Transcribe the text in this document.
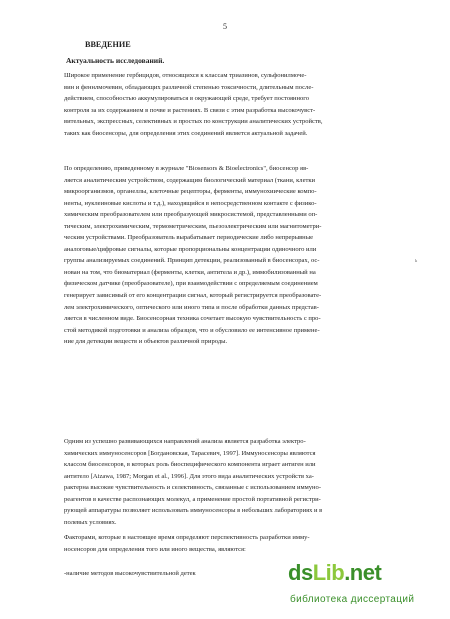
5
ВВЕДЕНИЕ
Актуальность исследований.
Широкое применение гербицидов, относящихся к классам триазинов, сульфонилмоче-
вин и феннлмочевин, обладающих различной степенью токсичности, длительным после-
действием, способностью аккумулироваться в окружающей среде, требует постоянного
контроля за их содержанием в почве и растениях. В связи с этим разработка высокочувст-
вительных, экспрессных, селективных и простых по конструкции аналитических устройств,
таких как биосенсоры, для определения этих соединений является актуальной задачей.
По определению, приведенному в журнале "Biosensors & Bioelectronics", биосенсор яв-
ляется аналитическим устройством, содержащим биологический материал (ткани, клетки
микроорганизмов, органеллы, клеточные рецепторы, ферменты, иммунохиические компо-
ненты, нуклеиновые кислоты и т.д.), находящийся в непосредственном контакте с физико-
химическим преобразователем или преобразующей микросистемой, представленными оп-
тическим, электрохимическим, термометрическим, пьезоэлектрическим или магнитометри-
ческим устройствами. Преобразователь вырабатывает периодические либо непрерывные
аналоговые/цифровые сигналы, которые пропорциональны концентрации одиночного или
группы анализируемых соединений. Принцип детекции, реализованный в биосенсорах, ос-
нован на том, что биоматериал (ферменты, клетки, антитела и др.), иммобилизованный на
физическом датчике (преобразователе), при взаимодействии с определяемым соединением
генерирует зависимый от его концентрации сигнал, который регистрируется преобразовате-
лем электрохимического, оптического или иного типа и после обработки данных представ-
ляется в численном виде. Биосенсорная техника сочетает высокую чувствительность с про-
стой методикой подготовки и анализа образцов, что и обусловило ее интенсивное примене-
ние для детекции веществ и объектов различной природы.
Одним из успешно развивающихся направлений анализа является разработка электро-
химических иммуносенсоров [Богдановская, Тарасевич, 1997]. Иммуносенсоры являются
классом биосенсоров, в которых роль биоспецифического компонента играет антиген или
антитело [Aizawa, 1987; Morgan et al., 1996]. Для этого вида аналитических устройств ха-
рактерна высокие чувствительность и селективность, связанные с использованием иммуно-
реагентов в качестве распознающих молекул, а применение простой портативной регистри-
рующей аппаратуры позволяет использовать иммуносенсоры в небольших лабораториях и в
полевых условиях.
Факторами, которые в настоящее время определяют перспективность разработки имму-
носенсоров для определения того или иного вещества, являются:
-наличие методов высокочувствительной детек
ᵏ
dsLib.net
библиотека диссертаций
